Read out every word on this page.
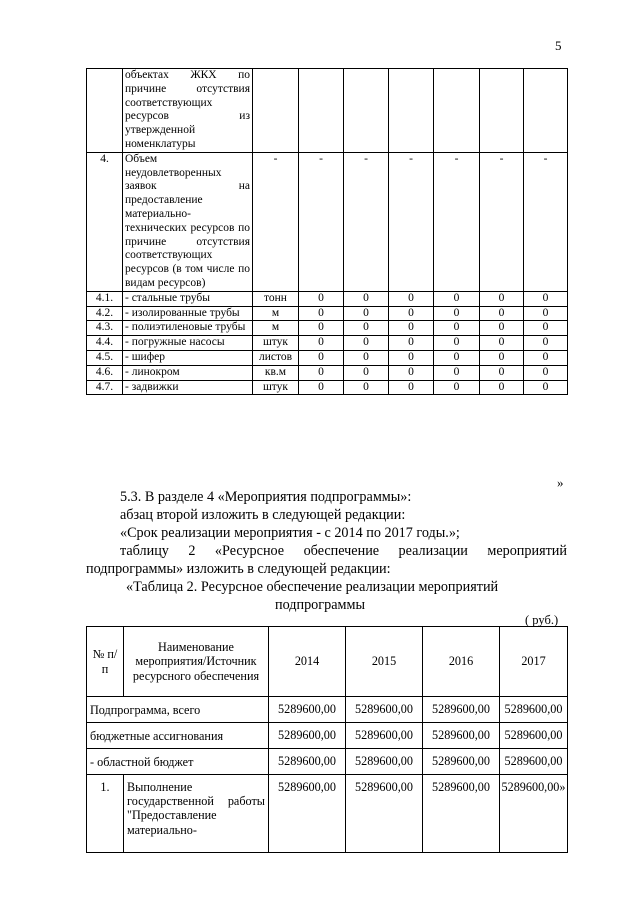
5
	объектах ЖКХ по причине отсутствия соответствующих ресурсов из утвержденной номенклатуры							
4.	Объем неудовлетворенных заявок на предоставление материально-технических ресурсов по причине отсутствия соответствующих ресурсов (в том числе по видам ресурсов)	-	-	-	-	-	-	-
4.1.	- стальные трубы	тонн	0	0	0	0	0	0
4.2.	- изолированные трубы	м	0	0	0	0	0	0
4.3.	- полиэтиленовые трубы	м	0	0	0	0	0	0
4.4.	- погружные насосы	штук	0	0	0	0	0	0
4.5.	- шифер	листов	0	0	0	0	0	0
4.6.	- линокром	кв.м	0	0	0	0	0	0
4.7.	- задвижки	штук	0	0	0	0	0	0
»
5.3. В разделе 4 «Мероприятия подпрограммы»:
абзац второй изложить в следующей редакции:
«Срок реализации мероприятия - с 2014 по 2017 годы.»;
таблицу 2 «Ресурсное обеспечение реализации мероприятий
подпрограммы» изложить в следующей редакции:
«Таблица 2. Ресурсное обеспечение реализации мероприятий
подпрограммы
( руб.)
№ п/п	Наименование мероприятия/Источник ресурсного обеспечения	2014	2015	2016	2017
Подпрограмма, всего		5289600,00	5289600,00	5289600,00	5289600,00
бюджетные ассигнования		5289600,00	5289600,00	5289600,00	5289600,00
- областной бюджет		5289600,00	5289600,00	5289600,00	5289600,00
1.	Выполнение государственной работы "Предоставление материально-	5289600,00	5289600,00	5289600,00	5289600,00»
